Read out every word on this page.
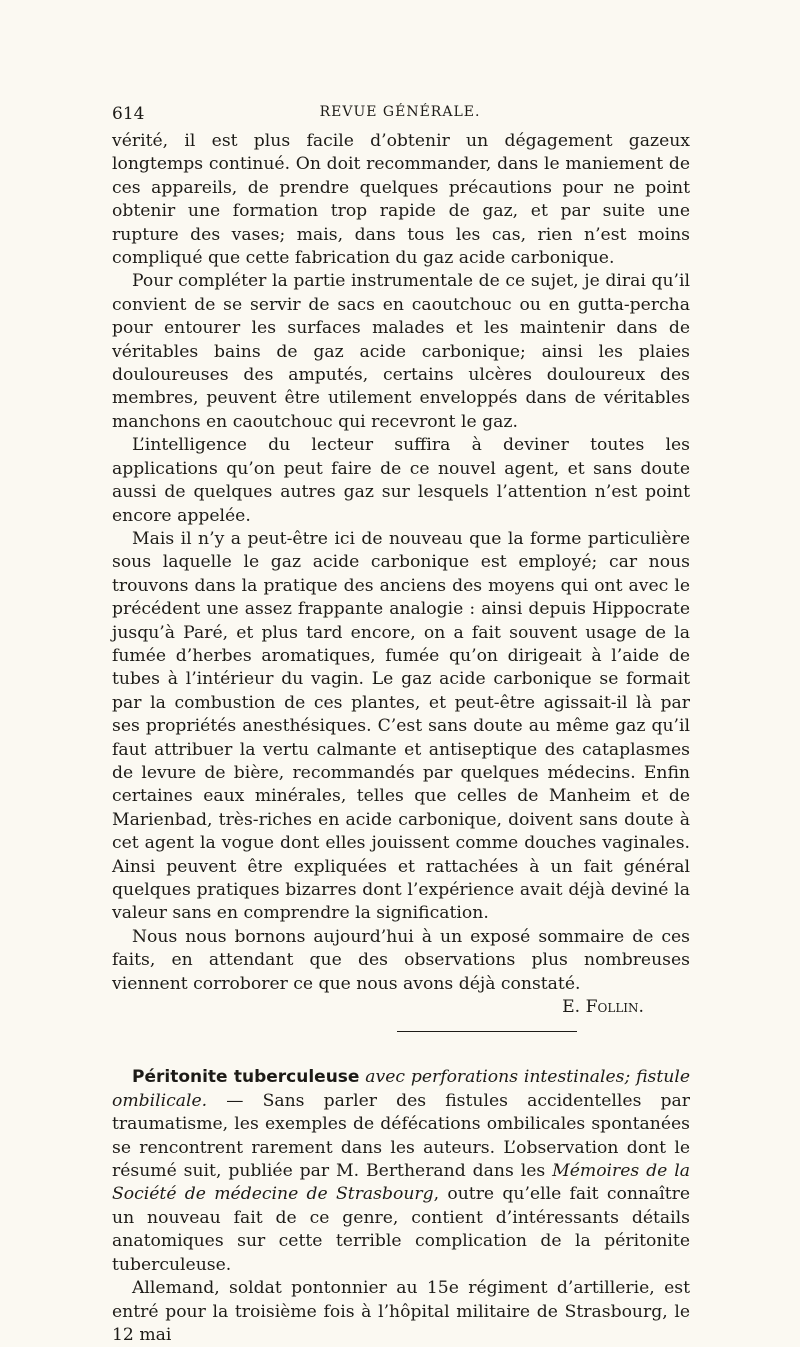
614	REVUE GÉNÉRALE.

vérité, il est plus facile d’obtenir un dégagement gazeux longtemps continué. On doit recommander, dans le maniement de ces appareils, de prendre quelques précautions pour ne point obtenir une formation trop rapide de gaz, et par suite une rupture des vases; mais, dans tous les cas, rien n’est moins compliqué que cette fabrication du gaz acide carbonique.

Pour compléter la partie instrumentale de ce sujet, je dirai qu’il convient de se servir de sacs en caoutchouc ou en gutta-percha pour entourer les surfaces malades et les maintenir dans de véritables bains de gaz acide carbonique; ainsi les plaies douloureuses des amputés, certains ulcères douloureux des membres, peuvent être utilement enveloppés dans de véritables manchons en caoutchouc qui recevront le gaz.

L’intelligence du lecteur suffira à deviner toutes les applications qu’on peut faire de ce nouvel agent, et sans doute aussi de quelques autres gaz sur lesquels l’attention n’est point encore appelée.

Mais il n’y a peut-être ici de nouveau que la forme particulière sous laquelle le gaz acide carbonique est employé; car nous trouvons dans la pratique des anciens des moyens qui ont avec le précédent une assez frappante analogie : ainsi depuis Hippocrate jusqu’à Paré, et plus tard encore, on a fait souvent usage de la fumée d’herbes aromatiques, fumée qu’on dirigeait à l’aide de tubes à l’intérieur du vagin. Le gaz acide carbonique se formait par la combustion de ces plantes, et peut-être agissait-il là par ses propriétés anesthésiques. C’est sans doute au même gaz qu’il faut attribuer la vertu calmante et antiseptique des cataplasmes de levure de bière, recommandés par quelques médecins. Enfin certaines eaux minérales, telles que celles de Manheim et de Marienbad, très-riches en acide carbonique, doivent sans doute à cet agent la vogue dont elles jouissent comme douches vaginales. Ainsi peuvent être expliquées et rattachées à un fait général quelques pratiques bizarres dont l’expérience avait déjà deviné la valeur sans en comprendre la signification.

Nous nous bornons aujourd’hui à un exposé sommaire de ces faits, en attendant que des observations plus nombreuses viennent corroborer ce que nous avons déjà constaté.

E. Follin.

Péritonite tuberculeuse avec perforations intestinales; fistule ombilicale. — Sans parler des fistules accidentelles par traumatisme, les exemples de défécations ombilicales spontanées se rencontrent rarement dans les auteurs. L’observation dont le résumé suit, publiée par M. Bertherand dans les Mémoires de la Société de médecine de Strasbourg, outre qu’elle fait connaître un nouveau fait de ce genre, contient d’intéressants détails anatomiques sur cette terrible complication de la péritonite tuberculeuse.

Allemand, soldat pontonnier au 15e régiment d’artillerie, est entré pour la troisième fois à l’hôpital militaire de Strasbourg, le 12 mai
